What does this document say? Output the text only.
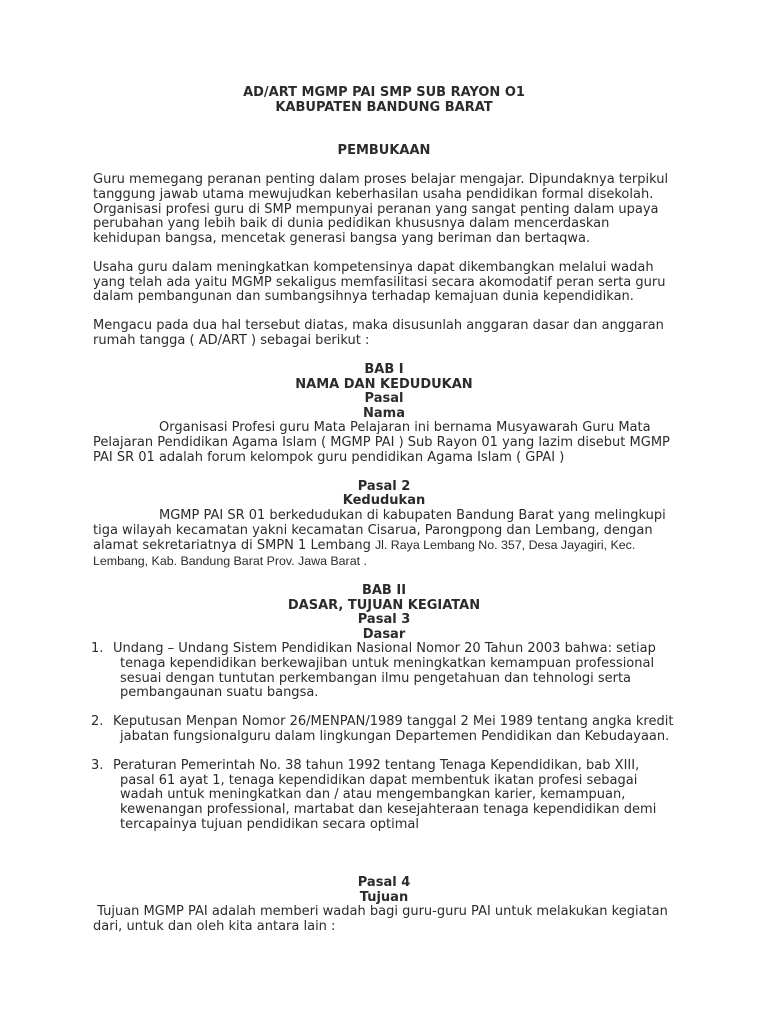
AD/ART MGMP PAI SMP SUB RAYON O1
KABUPATEN BANDUNG BARAT
PEMBUKAAN

Guru memegang peranan penting dalam proses belajar mengajar. Dipundaknya terpikul tanggung jawab utama mewujudkan keberhasilan usaha pendidikan formal disekolah. Organisasi profesi guru di SMP mempunyai peranan yang sangat penting dalam upaya perubahan yang lebih baik di dunia pedidikan khususnya dalam mencerdaskan kehidupan bangsa, mencetak generasi bangsa yang beriman dan bertaqwa.

Usaha guru dalam meningkatkan kompetensinya dapat dikembangkan melalui wadah yang telah ada yaitu MGMP sekaligus memfasilitasi secara akomodatif peran serta guru dalam pembangunan dan sumbangsihnya terhadap kemajuan dunia kependidikan.

Mengacu pada dua hal tersebut diatas, maka disusunlah anggaran dasar dan anggaran rumah tangga ( AD/ART ) sebagai berikut :

BAB I
NAMA DAN KEDUDUKAN
Pasal
Nama

Organisasi Profesi guru Mata Pelajaran ini bernama Musyawarah Guru Mata Pelajaran Pendidikan Agama Islam ( MGMP PAI ) Sub Rayon 01 yang lazim disebut MGMP PAI SR 01 adalah forum kelompok guru pendidikan Agama Islam ( GPAI )

Pasal 2
Kedudukan

MGMP PAI SR 01 berkedudukan di kabupaten Bandung Barat yang melingkupi tiga wilayah kecamatan yakni kecamatan Cisarua, Parongpong dan Lembang, dengan alamat sekretariatnya di SMPN 1 Lembang Jl. Raya Lembang No. 357, Desa Jayagiri, Kec. Lembang, Kab. Bandung Barat Prov. Jawa Barat .

BAB II
DASAR, TUJUAN KEGIATAN
Pasal 3
Dasar
1. Undang – Undang Sistem Pendidikan Nasional Nomor 20 Tahun 2003 bahwa: setiap tenaga kependidikan berkewajiban untuk meningkatkan kemampuan professional sesuai dengan tuntutan perkembangan ilmu pengetahuan dan tehnologi serta pembangaunan suatu bangsa.
2. Keputusan Menpan Nomor 26/MENPAN/1989 tanggal 2 Mei 1989 tentang angka kredit jabatan fungsionalguru dalam lingkungan Departemen Pendidikan dan Kebudayaan.
3. Peraturan Pemerintah No. 38 tahun 1992 tentang Tenaga Kependidikan, bab XIII, pasal 61 ayat 1, tenaga kependidikan dapat membentuk ikatan profesi sebagai wadah untuk meningkatkan dan / atau mengembangkan karier, kemampuan, kewenangan professional, martabat dan kesejahteraan tenaga kependidikan demi tercapainya tujuan pendidikan secara optimal
Pasal 4
Tujuan

Tujuan MGMP PAI adalah memberi wadah bagi guru-guru PAI untuk melakukan kegiatan dari, untuk dan oleh kita antara lain :
